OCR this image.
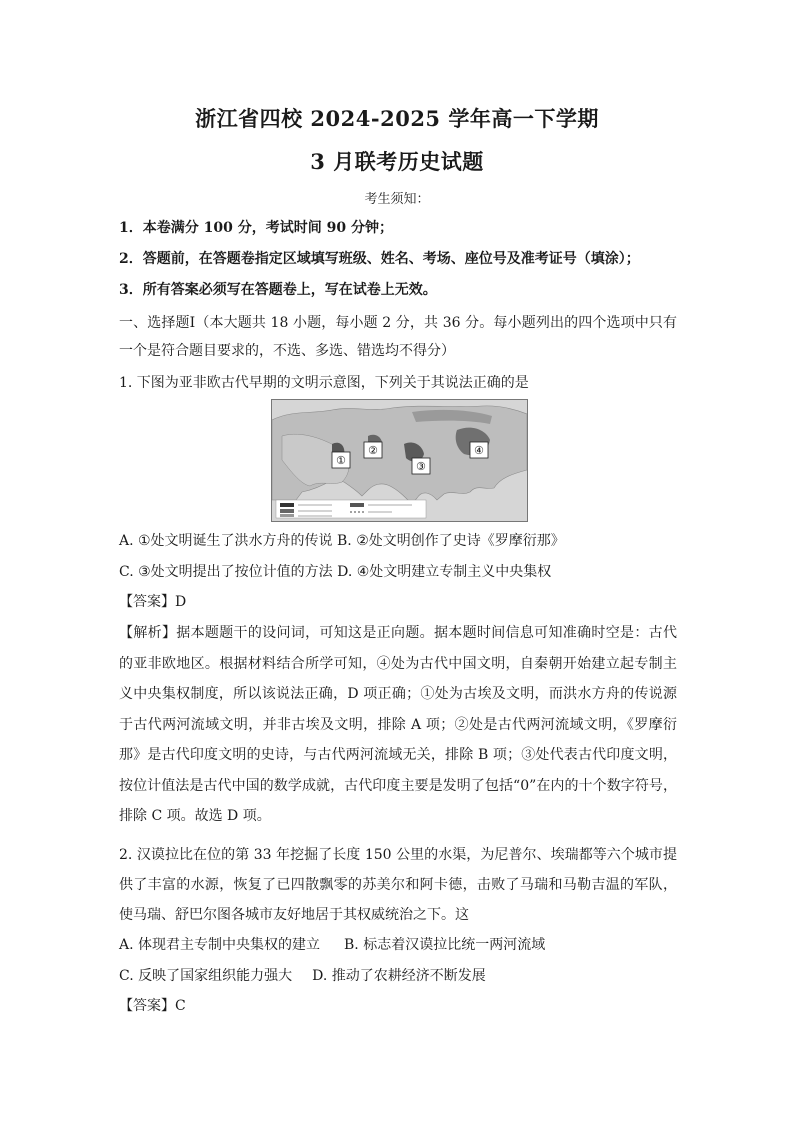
浙江省四校 2024-2025 学年高一下学期
3 月联考历史试题
考生须知：
1．本卷满分 100 分，考试时间 90 分钟；
2．答题前，在答题卷指定区域填写班级、姓名、考场、座位号及准考证号（填涂）；
3．所有答案必须写在答题卷上，写在试卷上无效。
一、选择题Ⅰ（本大题共 18 小题，每小题 2 分，共 36 分。每小题列出的四个选项中只有一个是符合题目要求的，不选、多选、错选均不得分）
1. 下图为亚非欧古代早期的文明示意图，下列关于其说法正确的是
①
②
③
④
A. ①处文明诞生了洪水方舟的传说 B. ②处文明创作了史诗《罗摩衍那》
C. ③处文明提出了按位计值的方法 D. ④处文明建立专制主义中央集权
【答案】D
【解析】据本题题干的设问词，可知这是正向题。据本题时间信息可知准确时空是：古代的亚非欧地区。根据材料结合所学可知，④处为古代中国文明，自秦朝开始建立起专制主义中央集权制度，所以该说法正确，D 项正确；①处为古埃及文明，而洪水方舟的传说源于古代两河流域文明，并非古埃及文明，排除 A 项；②处是古代两河流域文明，《罗摩衍那》是古代印度文明的史诗，与古代两河流域无关，排除 B 项；③处代表古代印度文明，按位计值法是古代中国的数学成就，古代印度主要是发明了包括“0”在内的十个数字符号，排除 C 项。故选 D 项。
2. 汉谟拉比在位的第 33 年挖掘了长度 150 公里的水渠，为尼普尔、埃瑞都等六个城市提供了丰富的水源，恢复了已四散飘零的苏美尔和阿卡德，击败了马瑞和马勒吉温的军队，使马瑞、舒巴尔图各城市友好地居于其权威统治之下。这
A. 体现君主专制中央集权的建立 B. 标志着汉谟拉比统一两河流域
C. 反映了国家组织能力强大 D. 推动了农耕经济不断发展
【答案】C
